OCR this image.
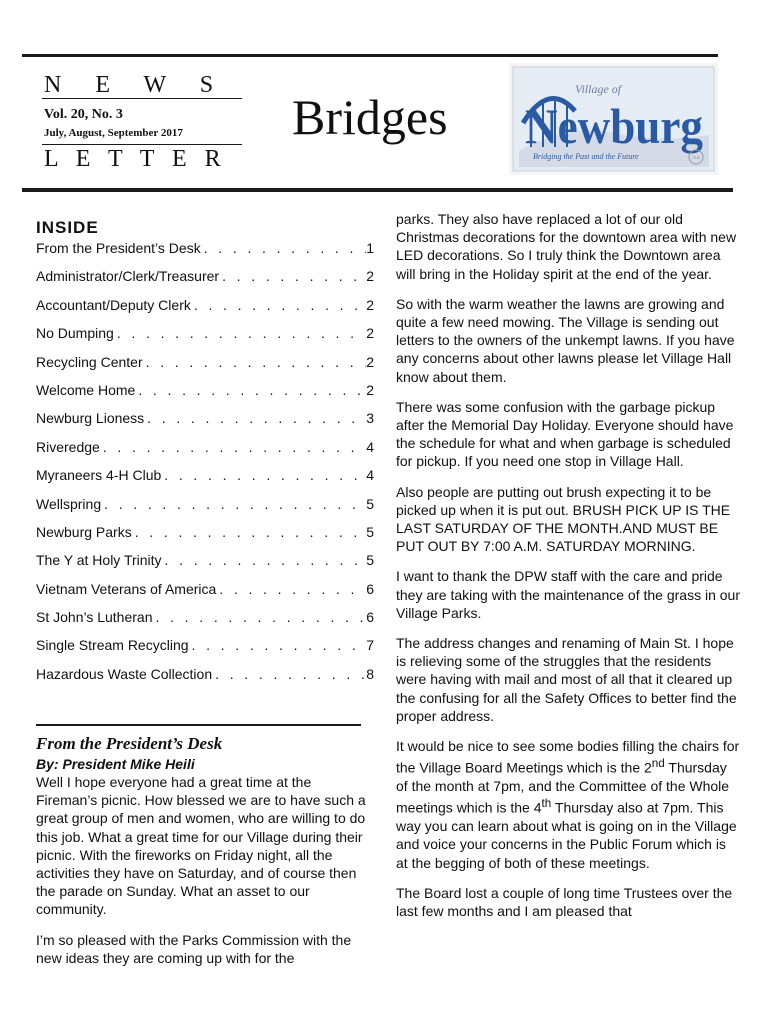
N E W S
Vol. 20, No. 3
July, August, September 2017
L E T T E R
Bridges	Village of
Newburg
Bridging the Past and the Future	1848
INSIDE
From the President’s Desk . . .	1
Administrator/Clerk/Treasurer . . .	2
Accountant/Deputy Clerk . . .	2
No Dumping . . .	2
Recycling Center . . .	2
Welcome Home . . .	2
Newburg Lioness . . .	3
Riveredge . . .	4
Myraneers 4-H Club . . .	4
Wellspring . . .	5
Newburg Parks . . .	5
The Y at Holy Trinity . . .	5
Vietnam Veterans of America . . .	6
St John’s Lutheran . . .	6
Single Stream Recycling . . .	7
Hazardous Waste Collection . . .	8
From the President’s Desk
By: President Mike Heili

Well I hope everyone had a great time at the Fireman’s picnic. How blessed we are to have such a great group of men and women, who are willing to do this job. What a great time for our Village during their picnic. With the fireworks on Friday night, all the activities they have on Saturday, and of course then the parade on Sunday. What an asset to our community.

I’m so pleased with the Parks Commission with the new ideas they are coming up with for the

parks. They also have replaced a lot of our old Christmas decorations for the downtown area with new LED decorations. So I truly think the Downtown area will bring in the Holiday spirit at the end of the year.

So with the warm weather the lawns are growing and quite a few need mowing. The Village is sending out letters to the owners of the unkempt lawns. If you have any concerns about other lawns please let Village Hall know about them.

There was some confusion with the garbage pickup after the Memorial Day Holiday. Everyone should have the schedule for what and when garbage is scheduled for pickup. If you need one stop in Village Hall.

Also people are putting out brush expecting it to be picked up when it is put out. BRUSH PICK UP IS THE LAST SATURDAY OF THE MONTH.AND MUST BE PUT OUT BY 7:00 A.M. SATURDAY MORNING.

I want to thank the DPW staff with the care and pride they are taking with the maintenance of the grass in our Village Parks.

The address changes and renaming of Main St. I hope is relieving some of the struggles that the residents were having with mail and most of all that it cleared up the confusing for all the Safety Offices to better find the proper address.

It would be nice to see some bodies filling the chairs for the Village Board Meetings which is the 2nd Thursday of the month at 7pm, and the Committee of the Whole meetings which is the 4th Thursday also at 7pm. This way you can learn about what is going on in the Village and voice your concerns in the Public Forum which is at the begging of both of these meetings.

The Board lost a couple of long time Trustees over the last few months and I am pleased that
